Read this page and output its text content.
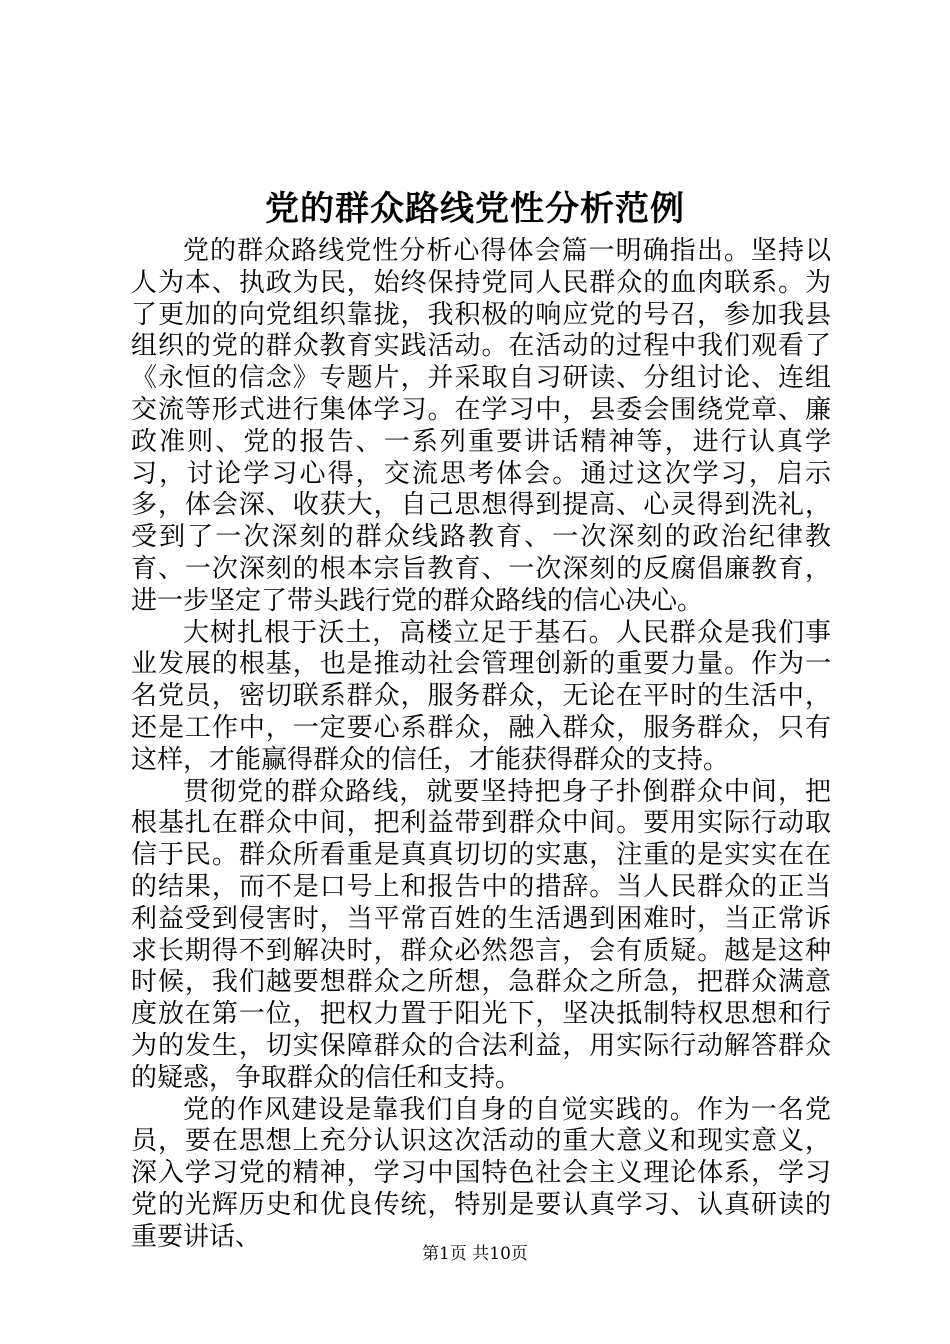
党的群众路线党性分析范例

党的群众路线党性分析心得体会篇一明确指出。坚持以人为本、执政为民，始终保持党同人民群众的血肉联系。为了更加的向党组织靠拢，我积极的响应党的号召，参加我县组织的党的群众教育实践活动。在活动的过程中我们观看了《永恒的信念》专题片，并采取自习研读、分组讨论、连组交流等形式进行集体学习。在学习中，县委会围绕党章、廉政准则、党的报告、一系列重要讲话精神等，进行认真学习，讨论学习心得，交流思考体会。通过这次学习，启示多，体会深、收获大，自己思想得到提高、心灵得到洗礼，受到了一次深刻的群众线路教育、一次深刻的政治纪律教育、一次深刻的根本宗旨教育、一次深刻的反腐倡廉教育，进一步坚定了带头践行党的群众路线的信心决心。

大树扎根于沃土，高楼立足于基石。人民群众是我们事业发展的根基，也是推动社会管理创新的重要力量。作为一名党员，密切联系群众，服务群众，无论在平时的生活中，还是工作中，一定要心系群众，融入群众，服务群众，只有这样，才能赢得群众的信任，才能获得群众的支持。

贯彻党的群众路线，就要坚持把身子扑倒群众中间，把根基扎在群众中间，把利益带到群众中间。要用实际行动取信于民。群众所看重是真真切切的实惠，注重的是实实在在的结果，而不是口号上和报告中的措辞。当人民群众的正当利益受到侵害时，当平常百姓的生活遇到困难时，当正常诉求长期得不到解决时，群众必然怨言，会有质疑。越是这种时候，我们越要想群众之所想，急群众之所急，把群众满意度放在第一位，把权力置于阳光下，坚决抵制特权思想和行为的发生，切实保障群众的合法利益，用实际行动解答群众的疑惑，争取群众的信任和支持。

党的作风建设是靠我们自身的自觉实践的。作为一名党员，要在思想上充分认识这次活动的重大意义和现实意义，深入学习党的精神，学习中国特色社会主义理论体系，学习党的光辉历史和优良传统，特别是要认真学习、认真研读的重要讲话、

第1页 共10页
